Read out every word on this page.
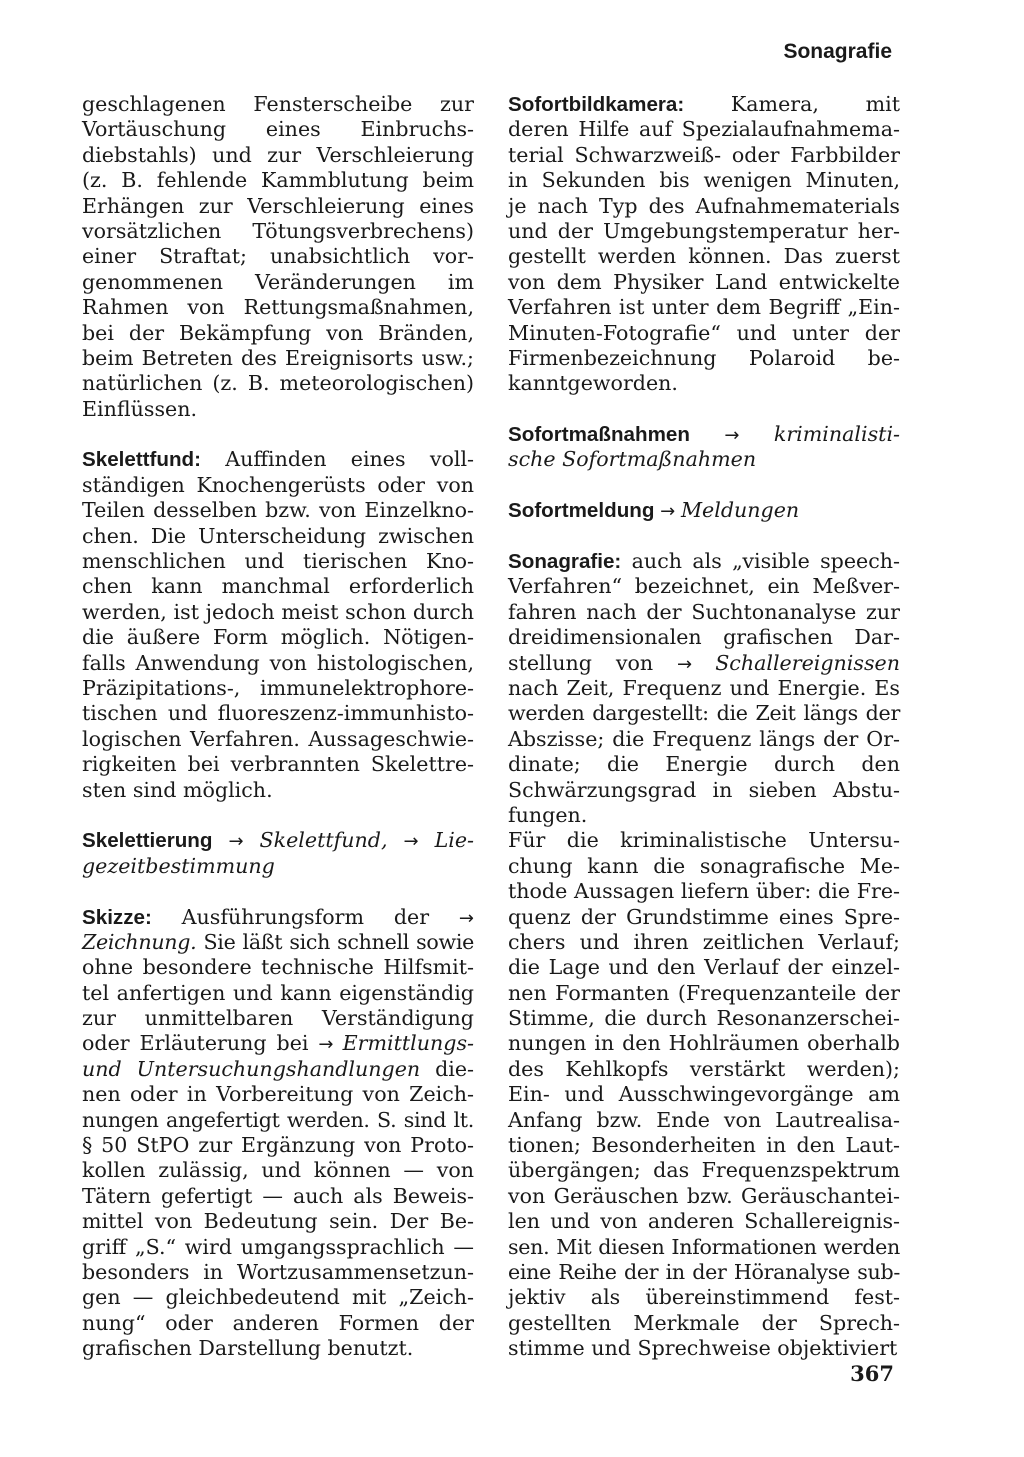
Sonagrafie
geschlagenen Fensterscheibe zur
Vortäuschung eines Einbruchs-
diebstahls) und zur Verschleierung
(z. B. fehlende Kammblutung beim
Erhängen zur Verschleierung eines
vorsätzlichen Tötungsverbrechens)
einer Straftat; unabsichtlich vor-
genommenen Veränderungen im
Rahmen von Rettungsmaßnahmen,
bei der Bekämpfung von Bränden,
beim Betreten des Ereignisorts usw.;
natürlichen (z. B. meteorologischen)
Einflüssen.
Skelettfund: Auffinden eines voll-
ständigen Knochengerüsts oder von
Teilen desselben bzw. von Einzelkno-
chen. Die Unterscheidung zwischen
menschlichen und tierischen Kno-
chen kann manchmal erforderlich
werden, ist jedoch meist schon durch
die äußere Form möglich. Nötigen-
falls Anwendung von histologischen,
Präzipitations-, immunelektrophore-
tischen und fluoreszenz-immunhisto-
logischen Verfahren. Aussageschwie-
rigkeiten bei verbrannten Skelettre-
sten sind möglich.
Skelettierung → Skelettfund, → Lie-
gezeitbestimmung
Skizze: Ausführungsform der →
Zeichnung. Sie läßt sich schnell sowie
ohne besondere technische Hilfsmit-
tel anfertigen und kann eigenständig
zur unmittelbaren Verständigung
oder Erläuterung bei → Ermittlungs-
und Untersuchungshandlungen die-
nen oder in Vorbereitung von Zeich-
nungen angefertigt werden. S. sind lt.
§ 50 StPO zur Ergänzung von Proto-
kollen zulässig, und können — von
Tätern gefertigt — auch als Beweis-
mittel von Bedeutung sein. Der Be-
griff „S.“ wird umgangssprachlich —
besonders in Wortzusammensetzun-
gen — gleichbedeutend mit „Zeich-
nung“ oder anderen Formen der
grafischen Darstellung benutzt.
Sofortbildkamera: Kamera, mit
deren Hilfe auf Spezialaufnahmema-
terial Schwarzweiß- oder Farbbilder
in Sekunden bis wenigen Minuten,
je nach Typ des Aufnahmematerials
und der Umgebungstemperatur her-
gestellt werden können. Das zuerst
von dem Physiker Land entwickelte
Verfahren ist unter dem Begriff „Ein-
Minuten-Fotografie“ und unter der
Firmenbezeichnung Polaroid be-
kanntgeworden.
Sofortmaßnahmen → kriminalisti-
sche Sofortmaßnahmen
Sofortmeldung → Meldungen
Sonagrafie: auch als „visible speech-
Verfahren“ bezeichnet, ein Meßver-
fahren nach der Suchtonanalyse zur
dreidimensionalen grafischen Dar-
stellung von → Schallereignissen
nach Zeit, Frequenz und Energie. Es
werden dargestellt: die Zeit längs der
Abszisse; die Frequenz längs der Or-
dinate; die Energie durch den
Schwärzungsgrad in sieben Abstu-
fungen.
Für die kriminalistische Untersu-
chung kann die sonagrafische Me-
thode Aussagen liefern über: die Fre-
quenz der Grundstimme eines Spre-
chers und ihren zeitlichen Verlauf;
die Lage und den Verlauf der einzel-
nen Formanten (Frequenzanteile der
Stimme, die durch Resonanzerschei-
nungen in den Hohlräumen oberhalb
des Kehlkopfs verstärkt werden);
Ein- und Ausschwingevorgänge am
Anfang bzw. Ende von Lautrealisa-
tionen; Besonderheiten in den Laut-
übergängen; das Frequenzspektrum
von Geräuschen bzw. Geräuschantei-
len und von anderen Schallereignis-
sen. Mit diesen Informationen werden
eine Reihe der in der Höranalyse sub-
jektiv als übereinstimmend fest-
gestellten Merkmale der Sprech-
stimme und Sprechweise objektiviert
367
